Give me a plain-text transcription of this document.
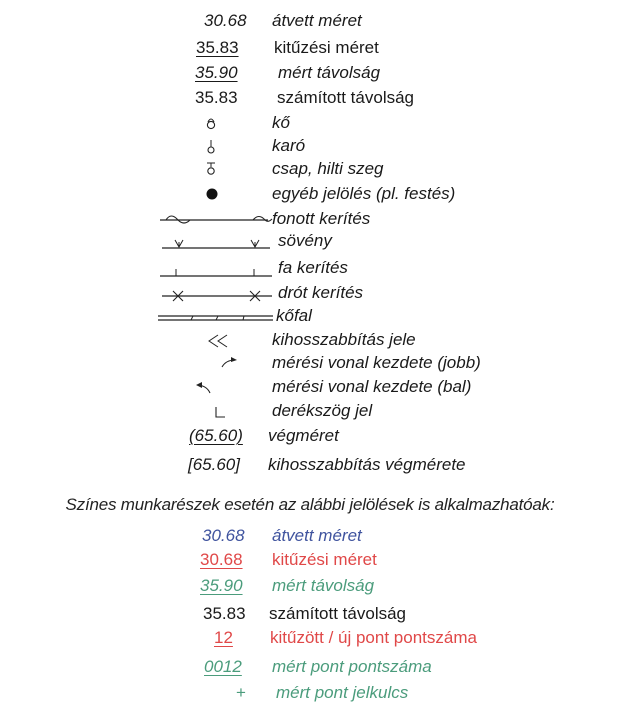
30.68 átvett méret
35.83 kitűzési méret
35.90 mért távolság
35.83 számított távolság
kő
karó
csap, hilti szeg
egyéb jelölés (pl. festés)
fonott kerítés
sövény
fa kerítés
drót kerítés
kőfal
kihosszabbítás jele
mérési vonal kezdete (jobb)
mérési vonal kezdete (bal)
derékszög jel
(65.60) végméret
[65.60] kihosszabbítás végmérete
Színes munkarészek esetén az alábbi jelölések is alkalmazhatóak:
30.68 átvett méret
30.68 kitűzési méret
35.90 mért távolság
35.83 számított távolság
12 kitűzött / új pont pontszáma
0012 mért pont pontszáma
+ mért pont jelkulcs
